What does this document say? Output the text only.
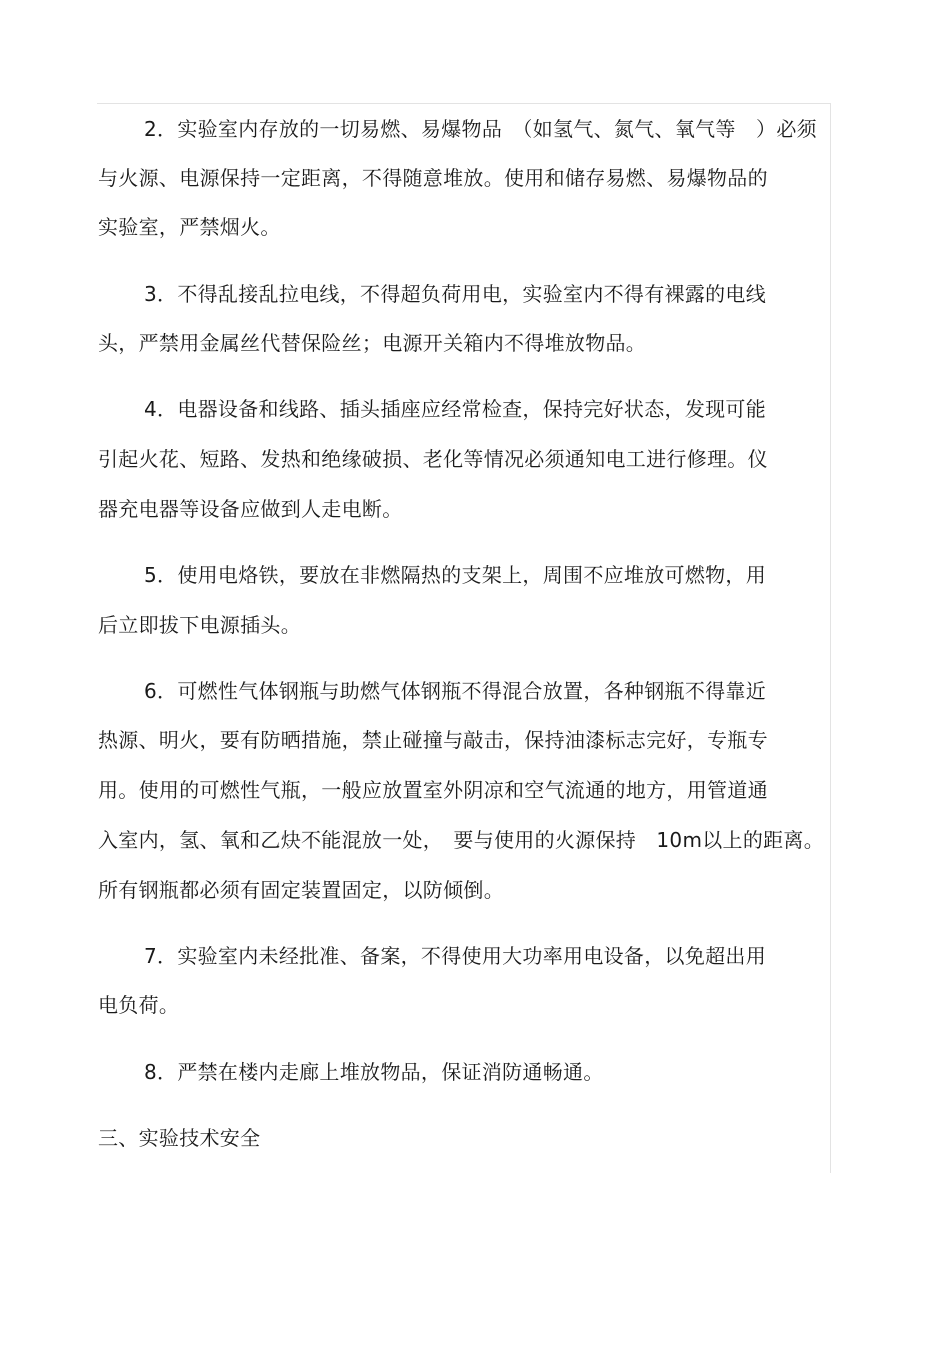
2．实验室内存放的一切易燃、易爆物品　（如氢气、氮气、氧气等　）必须
与火源、电源保持一定距离，不得随意堆放。使用和储存易燃、易爆物品的
实验室，严禁烟火。
3．不得乱接乱拉电线，不得超负荷用电，实验室内不得有裸露的电线
头，严禁用金属丝代替保险丝；电源开关箱内不得堆放物品。
4．电器设备和线路、插头插座应经常检查，保持完好状态，发现可能
引起火花、短路、发热和绝缘破损、老化等情况必须通知电工进行修理。仪
器充电器等设备应做到人走电断。
5．使用电烙铁，要放在非燃隔热的支架上，周围不应堆放可燃物，用
后立即拔下电源插头。
6．可燃性气体钢瓶与助燃气体钢瓶不得混合放置，各种钢瓶不得靠近
热源、明火，要有防晒措施，禁止碰撞与敲击，保持油漆标志完好，专瓶专
用。使用的可燃性气瓶，一般应放置室外阴凉和空气流通的地方，用管道通
入室内，氢、氧和乙炔不能混放一处，　要与使用的火源保持　10m以上的距离。
所有钢瓶都必须有固定装置固定，以防倾倒。
7．实验室内未经批准、备案，不得使用大功率用电设备，以免超出用
电负荷。
8．严禁在楼内走廊上堆放物品，保证消防通畅通。
三、实验技术安全
